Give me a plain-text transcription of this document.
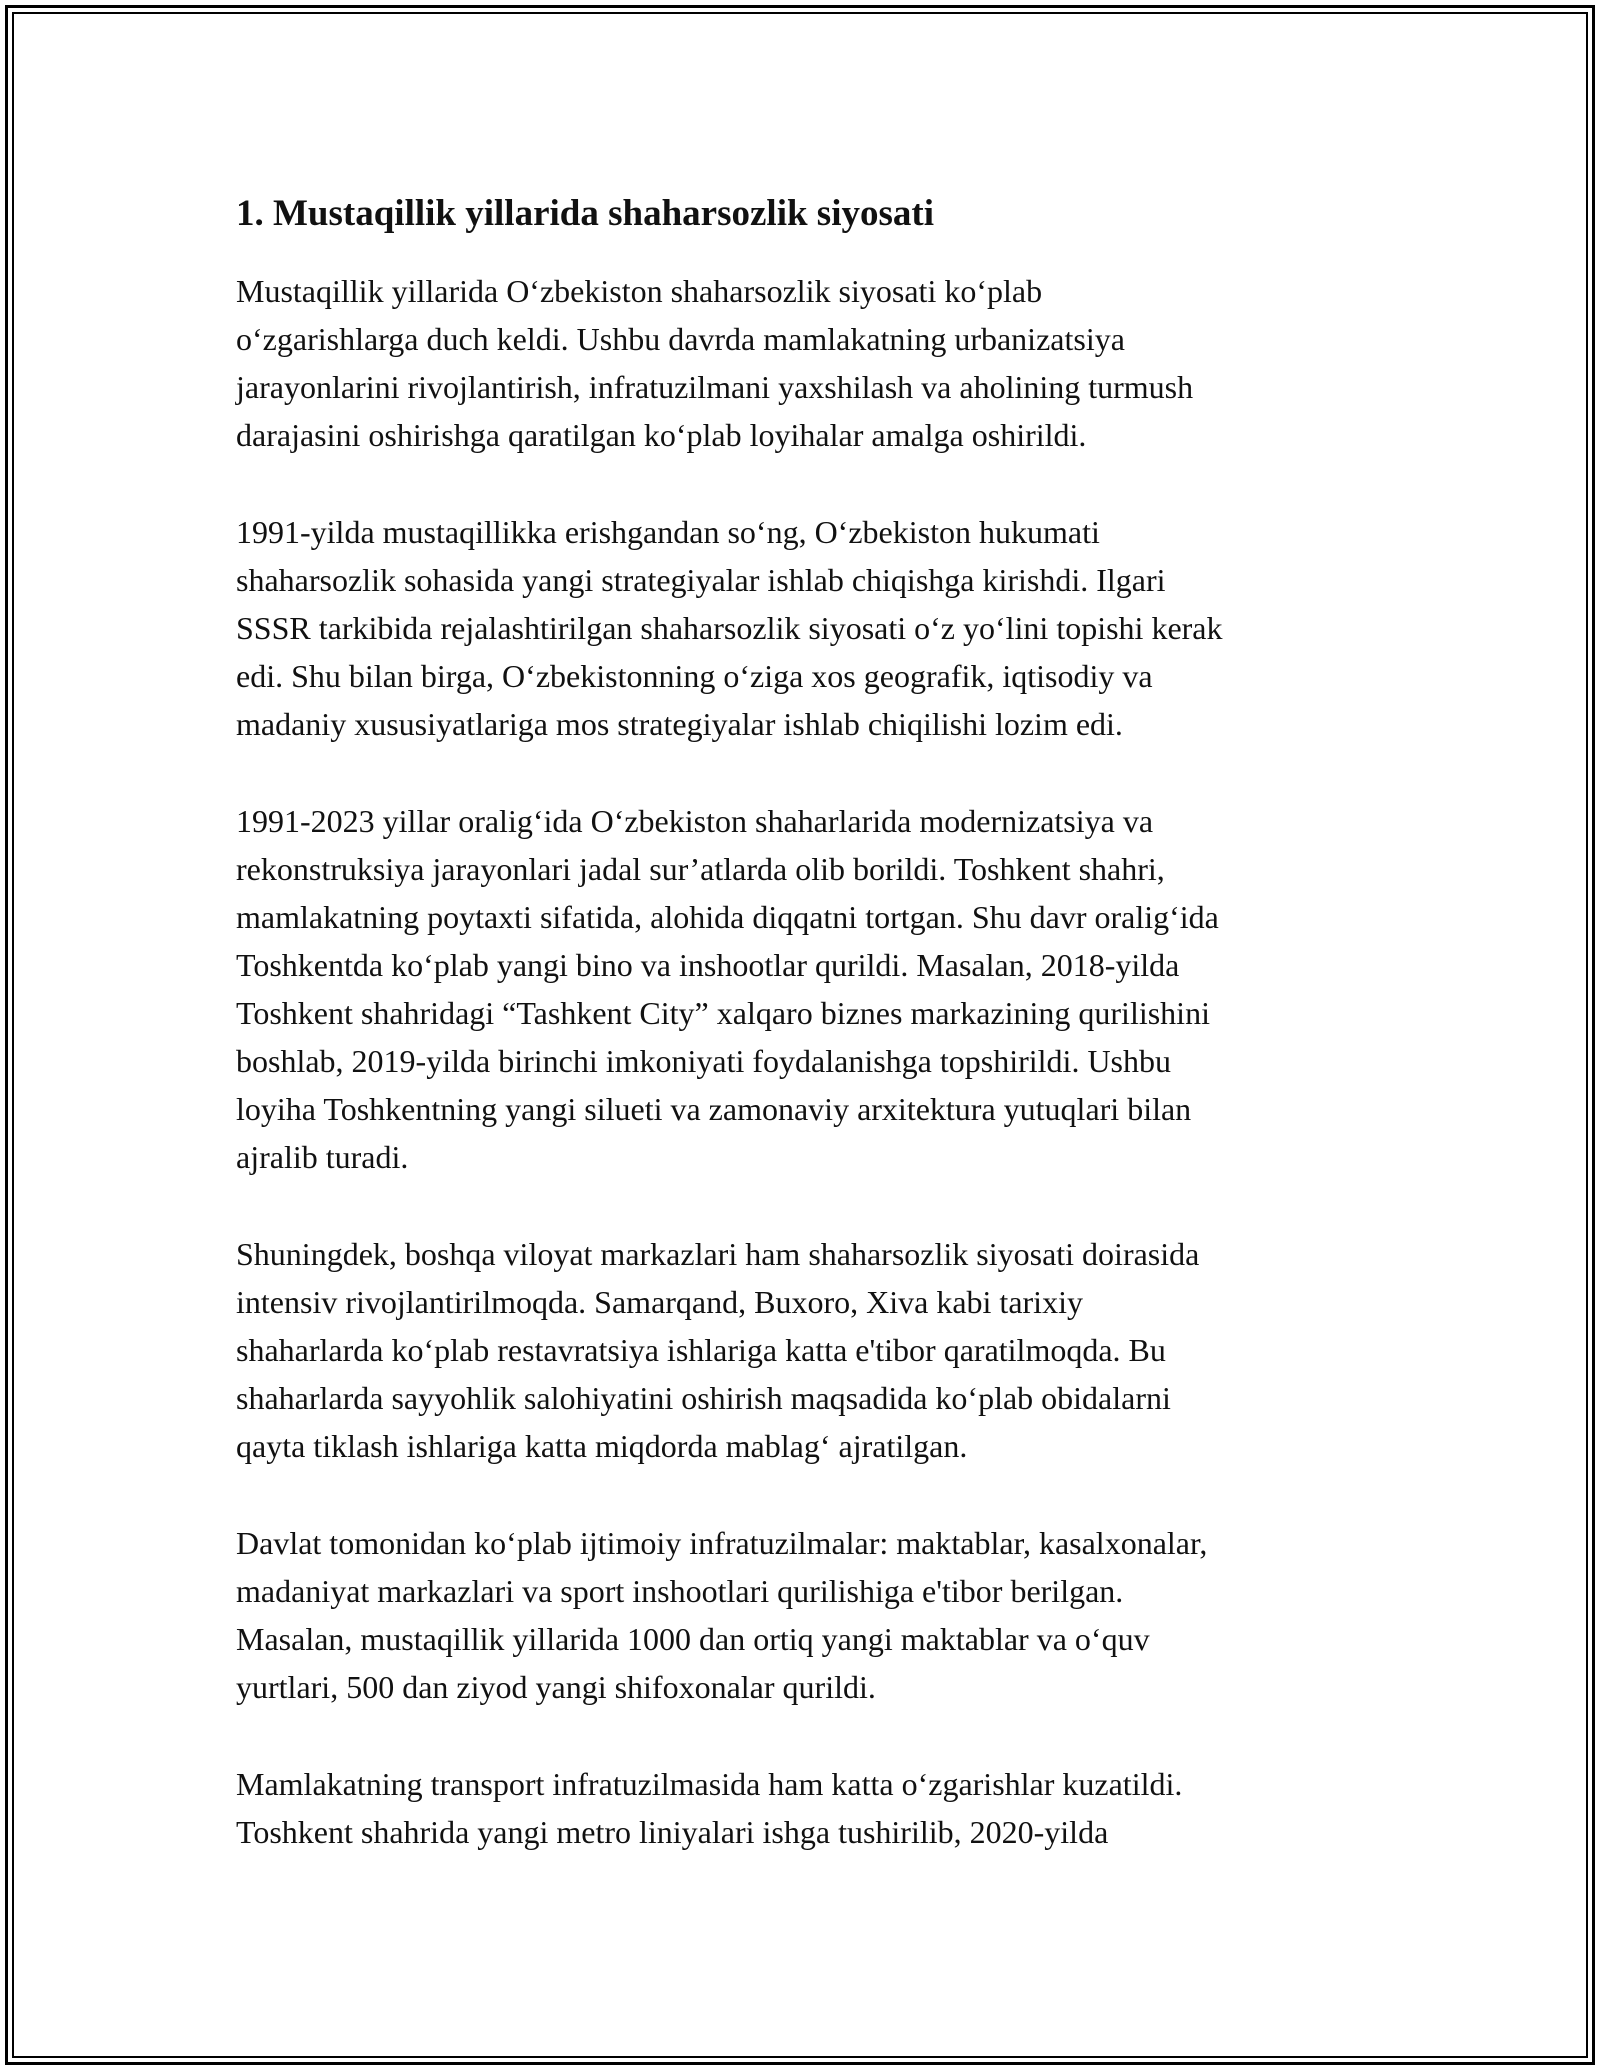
1. Mustaqillik yillarida shaharsozlik siyosati

Mustaqillik yillarida O‘zbekiston shaharsozlik siyosati ko‘plab
o‘zgarishlarga duch keldi. Ushbu davrda mamlakatning urbanizatsiya
jarayonlarini rivojlantirish, infratuzilmani yaxshilash va aholining turmush
darajasini oshirishga qaratilgan ko‘plab loyihalar amalga oshirildi.

1991-yilda mustaqillikka erishgandan so‘ng, O‘zbekiston hukumati
shaharsozlik sohasida yangi strategiyalar ishlab chiqishga kirishdi. Ilgari
SSSR tarkibida rejalashtirilgan shaharsozlik siyosati o‘z yo‘lini topishi kerak
edi. Shu bilan birga, O‘zbekistonning o‘ziga xos geografik, iqtisodiy va
madaniy xususiyatlariga mos strategiyalar ishlab chiqilishi lozim edi.

1991-2023 yillar oralig‘ida O‘zbekiston shaharlarida modernizatsiya va
rekonstruksiya jarayonlari jadal sur’atlarda olib borildi. Toshkent shahri,
mamlakatning poytaxti sifatida, alohida diqqatni tortgan. Shu davr oralig‘ida
Toshkentda ko‘plab yangi bino va inshootlar qurildi. Masalan, 2018-yilda
Toshkent shahridagi “Tashkent City” xalqaro biznes markazining qurilishini
boshlab, 2019-yilda birinchi imkoniyati foydalanishga topshirildi. Ushbu
loyiha Toshkentning yangi silueti va zamonaviy arxitektura yutuqlari bilan
ajralib turadi.

Shuningdek, boshqa viloyat markazlari ham shaharsozlik siyosati doirasida
intensiv rivojlantirilmoqda. Samarqand, Buxoro, Xiva kabi tarixiy
shaharlarda ko‘plab restavratsiya ishlariga katta e'tibor qaratilmoqda. Bu
shaharlarda sayyohlik salohiyatini oshirish maqsadida ko‘plab obidalarni
qayta tiklash ishlariga katta miqdorda mablag‘ ajratilgan.

Davlat tomonidan ko‘plab ijtimoiy infratuzilmalar: maktablar, kasalxonalar,
madaniyat markazlari va sport inshootlari qurilishiga e'tibor berilgan.
Masalan, mustaqillik yillarida 1000 dan ortiq yangi maktablar va o‘quv
yurtlari, 500 dan ziyod yangi shifoxonalar qurildi.

Mamlakatning transport infratuzilmasida ham katta o‘zgarishlar kuzatildi.
Toshkent shahrida yangi metro liniyalari ishga tushirilib, 2020-yilda
